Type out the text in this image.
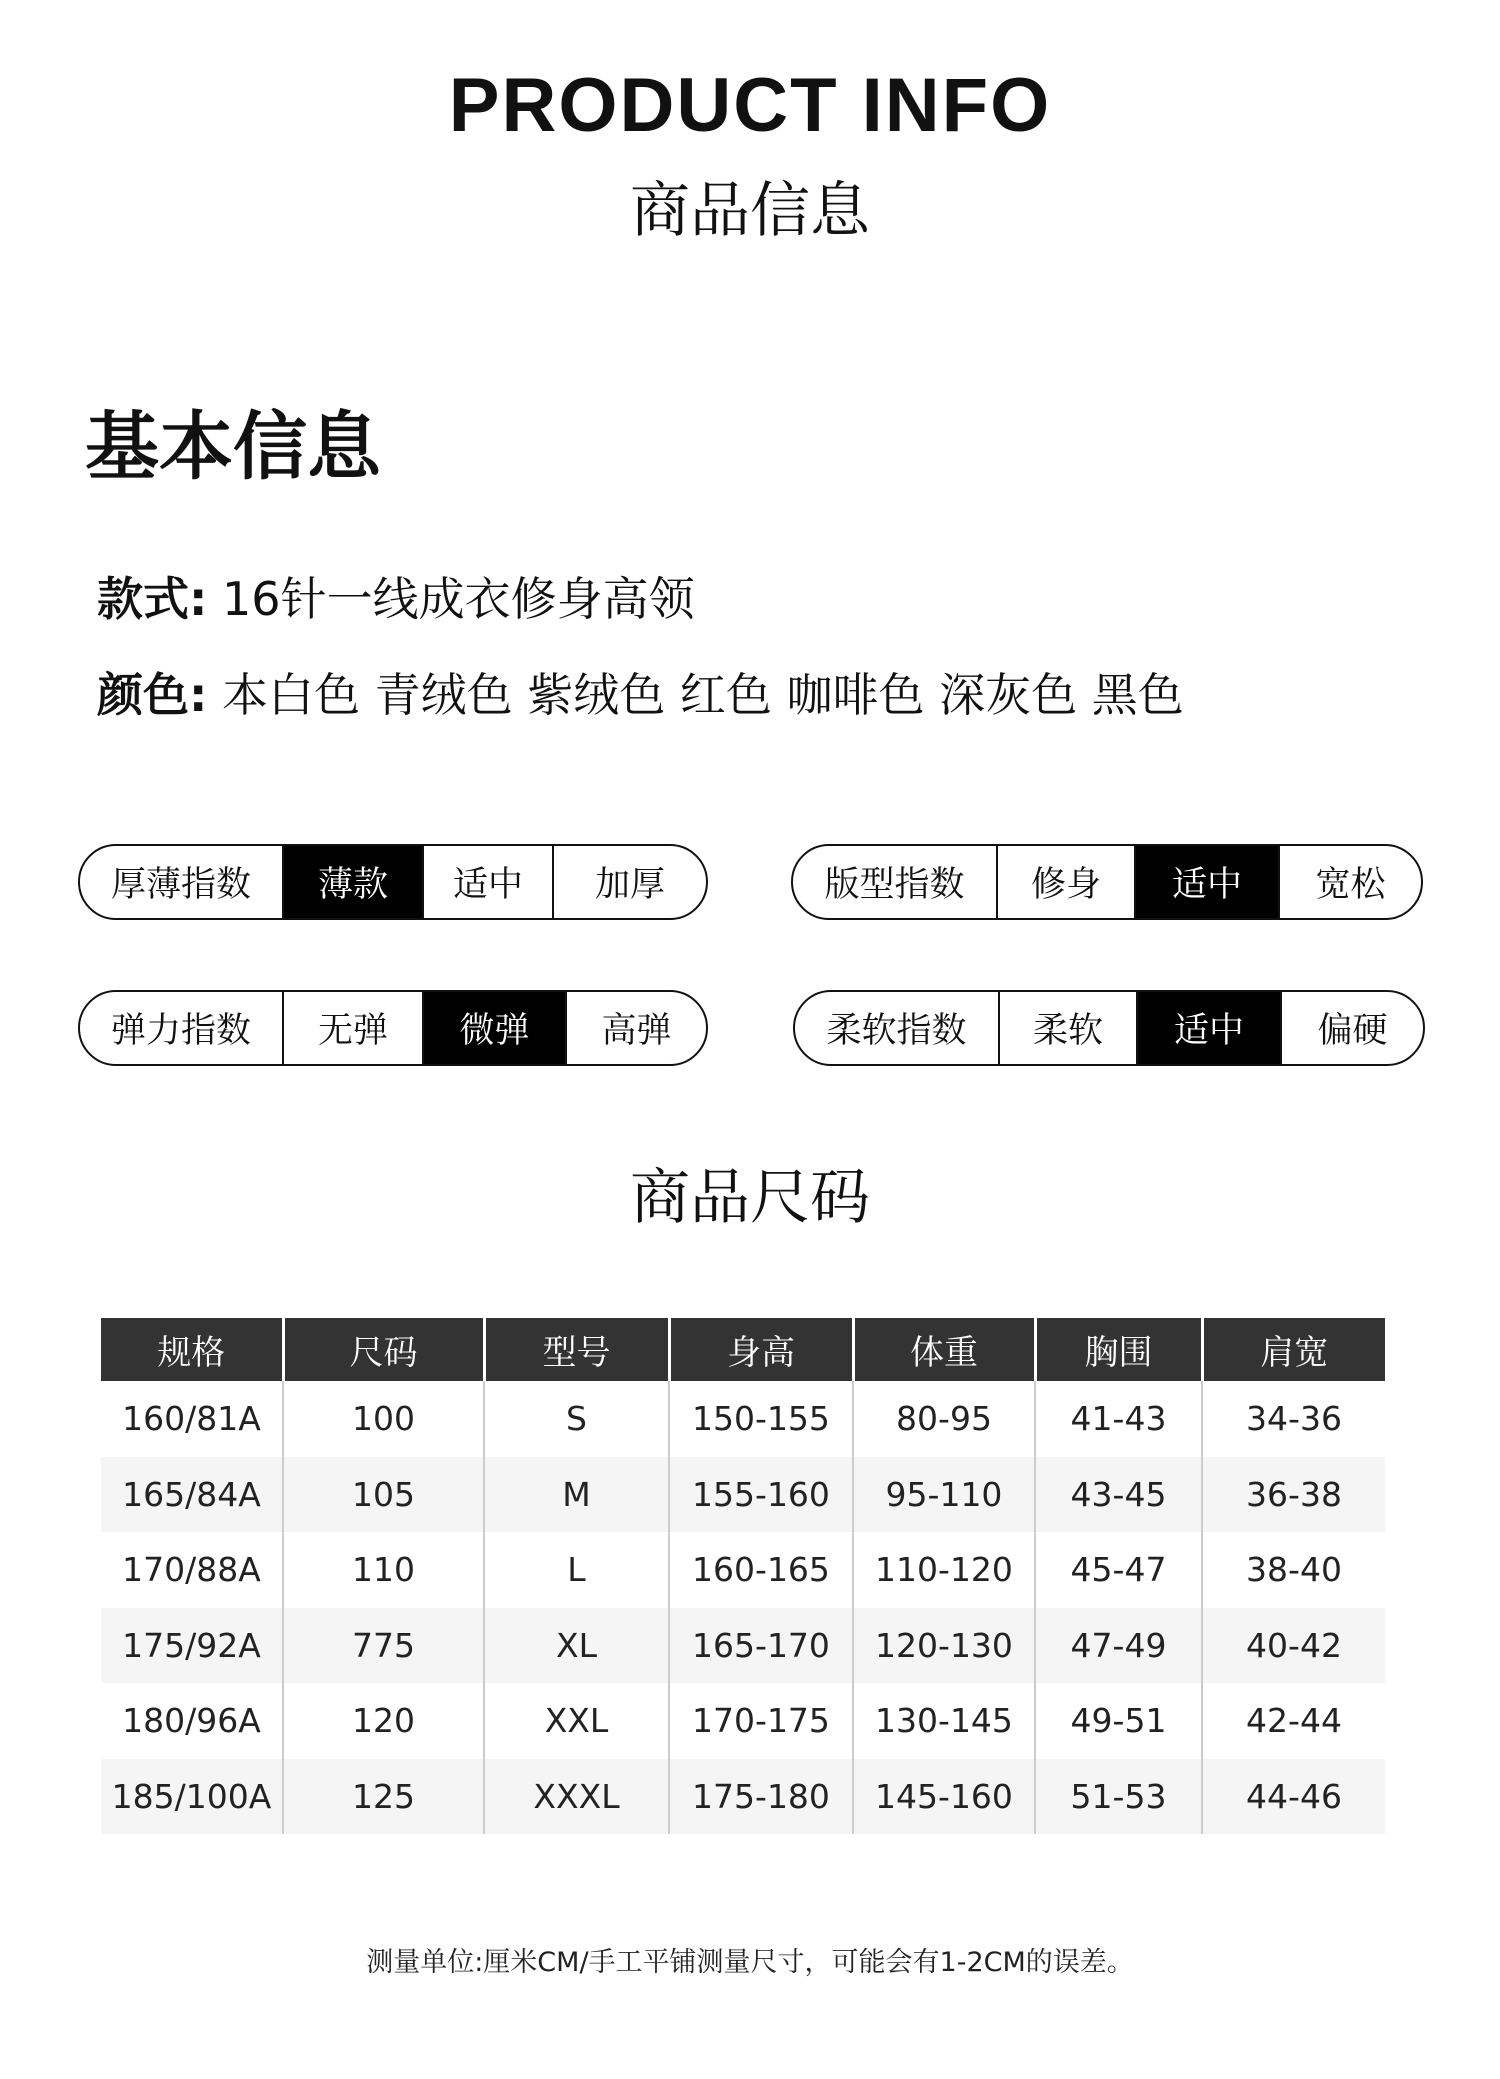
PRODUCT INFO
商品信息
基本信息
款式: 16针一线成衣修身高领
颜色: 本白色 青绒色 紫绒色 红色 咖啡色 深灰色 黑色
厚薄指数	薄款	适中	加厚	版型指数	修身	适中	宽松
弹力指数	无弹	微弹	高弹	柔软指数	柔软	适中	偏硬
商品尺码
规格	尺码	型号	身高	体重	胸围	肩宽
160/81A	100	S	150-155	80-95	41-43	34-36
165/84A	105	M	155-160	95-110	43-45	36-38
170/88A	110	L	160-165	110-120	45-47	38-40
175/92A	775	XL	165-170	120-130	47-49	40-42
180/96A	120	XXL	170-175	130-145	49-51	42-44
185/100A	125	XXXL	175-180	145-160	51-53	44-46
测量单位:厘米CM/手工平铺测量尺寸，可能会有1-2CM的误差。
